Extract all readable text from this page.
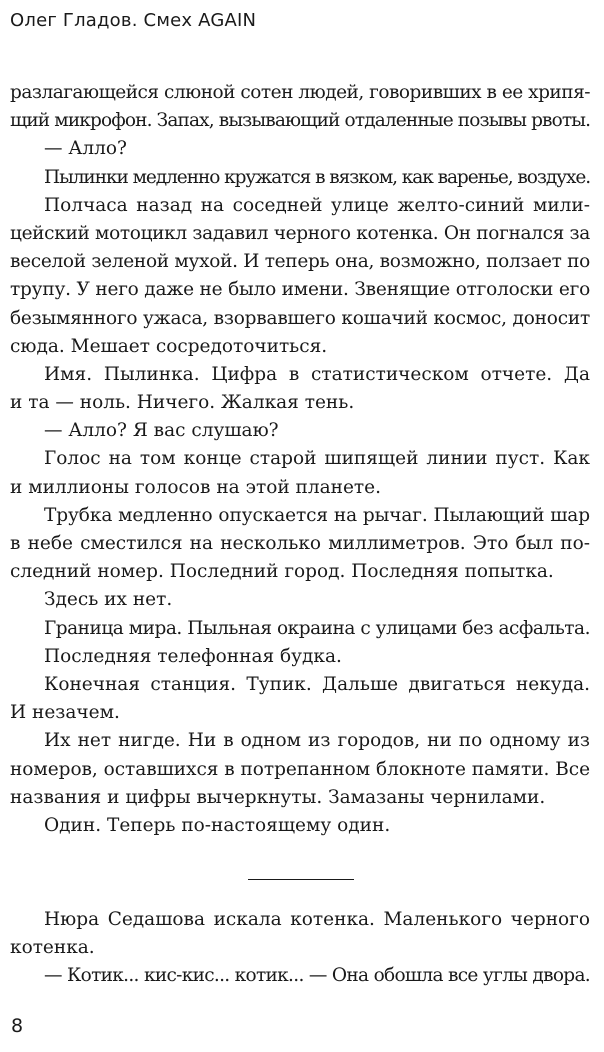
Олег Гладов. Смех AGAIN
разлагающейся слюной сотен людей, говоривших в ее хрипя-
щий микрофон. Запах, вызывающий отдаленные позывы рвоты.
— Алло?
Пылинки медленно кружатся в вязком, как варенье, воздухе.
Полчаса назад на соседней улице желто-синий мили-
цейский мотоцикл задавил черного котенка. Он погнался за
веселой зеленой мухой. И теперь она, возможно, ползает по
трупу. У него даже не было имени. Звенящие отголоски его
безымянного ужаса, взорвавшего кошачий космос, доносит
сюда. Мешает сосредоточиться.
Имя. Пылинка. Цифра в статистическом отчете. Да
и та — ноль. Ничего. Жалкая тень.
— Алло? Я вас слушаю?
Голос на том конце старой шипящей линии пуст. Как
и миллионы голосов на этой планете.
Трубка медленно опускается на рычаг. Пылающий шар
в небе сместился на несколько миллиметров. Это был по-
следний номер. Последний город. Последняя попытка.
Здесь их нет.
Граница мира. Пыльная окраина с улицами без асфальта.
Последняя телефонная будка.
Конечная станция. Тупик. Дальше двигаться некуда.
И незачем.
Их нет нигде. Ни в одном из городов, ни по одному из
номеров, оставшихся в потрепанном блокноте памяти. Все
названия и цифры вычеркнуты. Замазаны чернилами.
Один. Теперь по-настоящему один.
Нюра Седашова искала котенка. Маленького черного
котенка.
— Котик... кис-кис... котик... — Она обошла все углы двора.
8
